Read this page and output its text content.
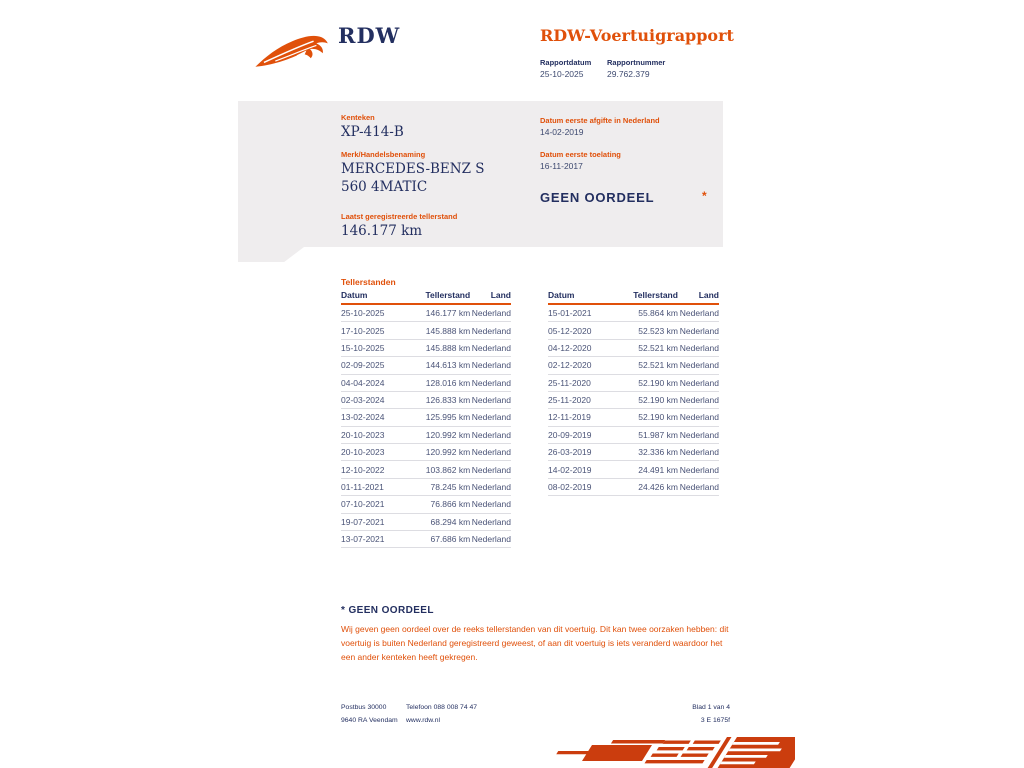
RDW	RDW-Voertuigrapport
Rapportdatum Rapportnummer
25-10-2025	29.762.379
Kenteken
XP-414-B
Merk/Handelsbenaming
MERCEDES-BENZ S 560 4MATIC
Laatst geregistreerde tellerstand
146.177 km
Datum eerste afgifte in Nederland
14-02-2019
Datum eerste toelating
16-11-2017
GEEN OORDEEL	*
Tellerstanden
Datum	Tellerstand	Land
25-10-2025	146.177 km	Nederland
17-10-2025	145.888 km	Nederland
15-10-2025	145.888 km	Nederland
02-09-2025	144.613 km	Nederland
04-04-2024	128.016 km	Nederland
02-03-2024	126.833 km	Nederland
13-02-2024	125.995 km	Nederland
20-10-2023	120.992 km	Nederland
20-10-2023	120.992 km	Nederland
12-10-2022	103.862 km	Nederland
01-11-2021	78.245 km	Nederland
07-10-2021	76.866 km	Nederland
19-07-2021	68.294 km	Nederland
13-07-2021	67.686 km	Nederland
Datum	Tellerstand	Land
15-01-2021	55.864 km	Nederland
05-12-2020	52.523 km	Nederland
04-12-2020	52.521 km	Nederland
02-12-2020	52.521 km	Nederland
25-11-2020	52.190 km	Nederland
25-11-2020	52.190 km	Nederland
12-11-2019	52.190 km	Nederland
20-09-2019	51.987 km	Nederland
26-03-2019	32.336 km	Nederland
14-02-2019	24.491 km	Nederland
08-02-2019	24.426 km	Nederland
* GEEN OORDEEL
Wij geven geen oordeel over de reeks tellerstanden van dit voertuig. Dit kan twee oorzaken hebben: dit voertuig is buiten Nederland geregistreerd geweest, of aan dit voertuig is iets veranderd waardoor het een ander kenteken heeft gekregen.
Postbus 30000
9640 RA Veendam
Telefoon 088 008 74 47
www.rdw.nl
Blad 1 van 4
3 E 1675f
